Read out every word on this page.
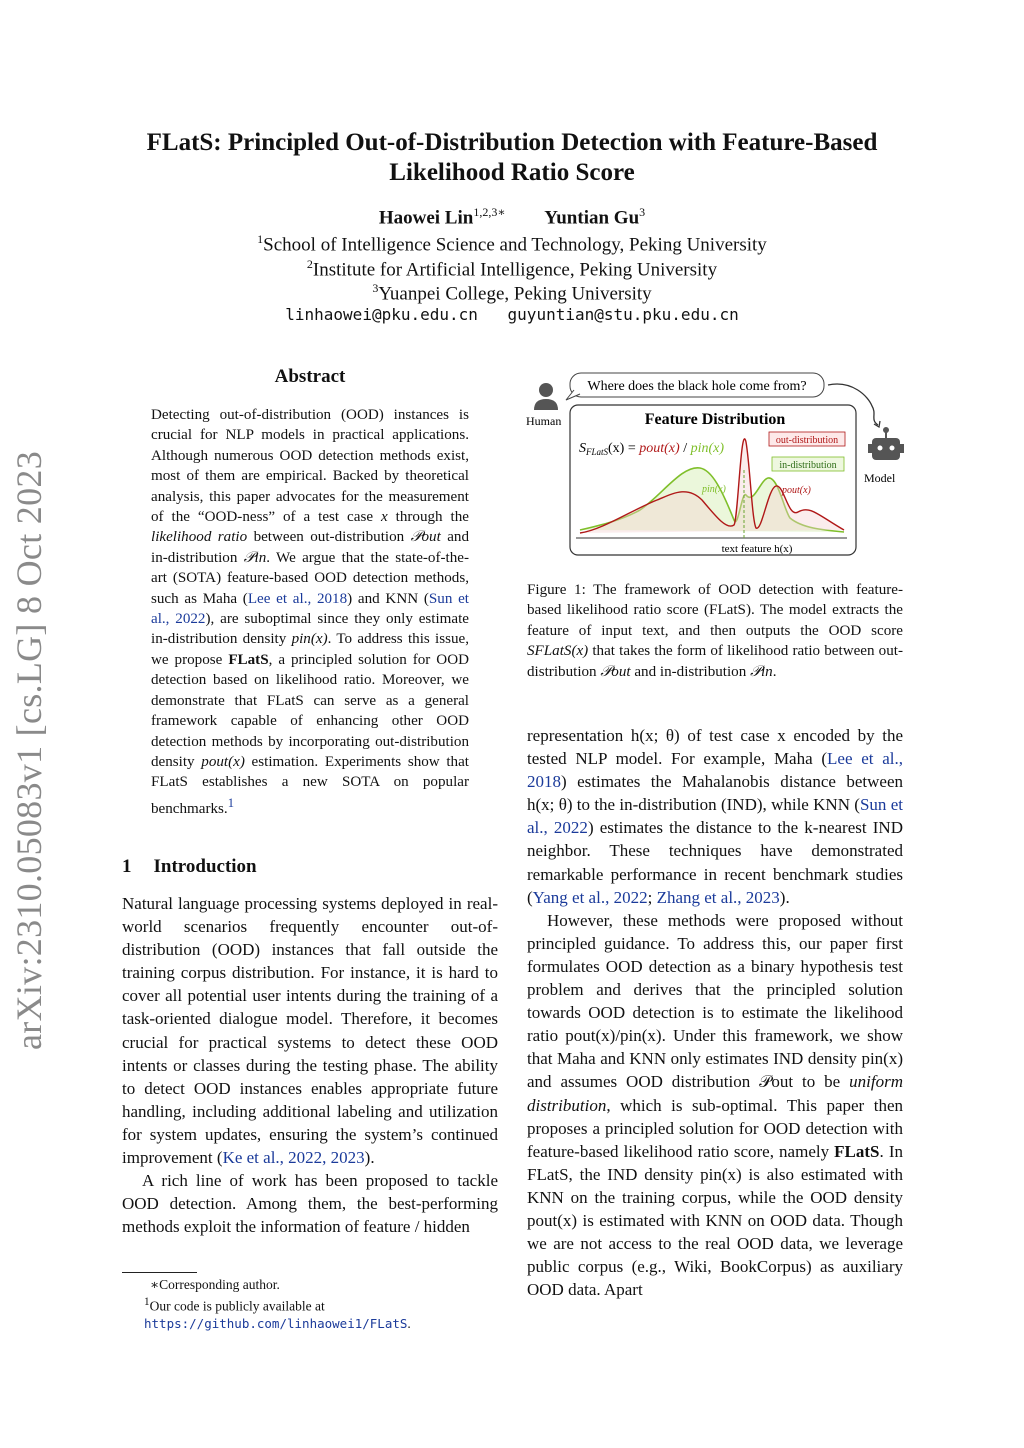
FLatS: Principled Out-of-Distribution Detection with Feature-Based
Likelihood Ratio Score
Haowei Lin$^{1,2,3∗}$ Yuntian Gu$^3$
$^1$School of Intelligence Science and Technology, Peking University
$^2$Institute for Artificial Intelligence, Peking University
$^3$Yuanpei College, Peking University
linhaowei@pku.edu.cn guyuntian@stu.pku.edu.cn
arXiv:2310.05083v1 [cs.LG] 8 Oct 2023
Abstract
Detecting out-of-distribution (OOD) instances is crucial for NLP models in practical applications. Although numerous OOD detection methods exist, most of them are empirical. Backed by theoretical analysis, this paper advocates for the measurement of the “OOD-ness” of a test case x through the likelihood ratio between out-distribution 𝒫out and in-distribution 𝒫in. We argue that the state-of-the-art (SOTA) feature-based OOD detection methods, such as Maha (Lee et al., 2018) and KNN (Sun et al., 2022), are suboptimal since they only estimate in-distribution density pin(x). To address this issue, we propose FLatS, a principled solution for OOD detection based on likelihood ratio. Moreover, we demonstrate that FLatS can serve as a general framework capable of enhancing other OOD detection methods by incorporating out-distribution density pout(x) estimation. Experiments show that FLatS establishes a new SOTA on popular benchmarks.$^1$
1 Introduction

Natural language processing systems deployed in real-world scenarios frequently encounter out-of-distribution (OOD) instances that fall outside the training corpus distribution. For instance, it is hard to cover all potential user intents during the training of a task-oriented dialogue model. Therefore, it becomes crucial for practical systems to detect these OOD intents or classes during the testing phase. The ability to detect OOD instances enables appropriate future handling, including additional labeling and utilization for system updates, ensuring the system’s continued improvement (Ke et al., 2022, 2023).

A rich line of work has been proposed to tackle OOD detection. Among them, the best-performing methods exploit the information of feature / hidden

∗Corresponding author.
$^1$Our code is publicly available at https://github.com/linhaowei1/FLatS.
Human
Where does the black hole come from?
Feature Distribution
$S_{FLatS}(x)$ = pout(x) / pin(x)
out-distribution
in-distribution
pin(x)	pout(x)
text feature h(x)
Model
Figure 1: The framework of OOD detection with feature-based likelihood ratio score (FLatS). The model extracts the feature of input text, and then outputs the OOD score SFLatS(x) that takes the form of likelihood ratio between out-distribution 𝒫out and in-distribution 𝒫in.

representation h(x; θ) of test case x encoded by the tested NLP model. For example, Maha (Lee et al., 2018) estimates the Mahalanobis distance between h(x; θ) to the in-distribution (IND), while KNN (Sun et al., 2022) estimates the distance to the k-nearest IND neighbor. These techniques have demonstrated remarkable performance in recent benchmark studies (Yang et al., 2022; Zhang et al., 2023).

However, these methods were proposed without principled guidance. To address this, our paper first formulates OOD detection as a binary hypothesis test problem and derives that the principled solution towards OOD detection is to estimate the likelihood ratio pout(x)/pin(x). Under this framework, we show that Maha and KNN only estimates IND density pin(x) and assumes OOD distribution 𝒫out to be uniform distribution, which is sub-optimal. This paper then proposes a principled solution for OOD detection with feature-based likelihood ratio score, namely FLatS. In FLatS, the IND density pin(x) is also estimated with KNN on the training corpus, while the OOD density pout(x) is estimated with KNN on OOD data. Though we are not access to the real OOD data, we leverage public corpus (e.g., Wiki, BookCorpus) as auxiliary OOD data. Apart
